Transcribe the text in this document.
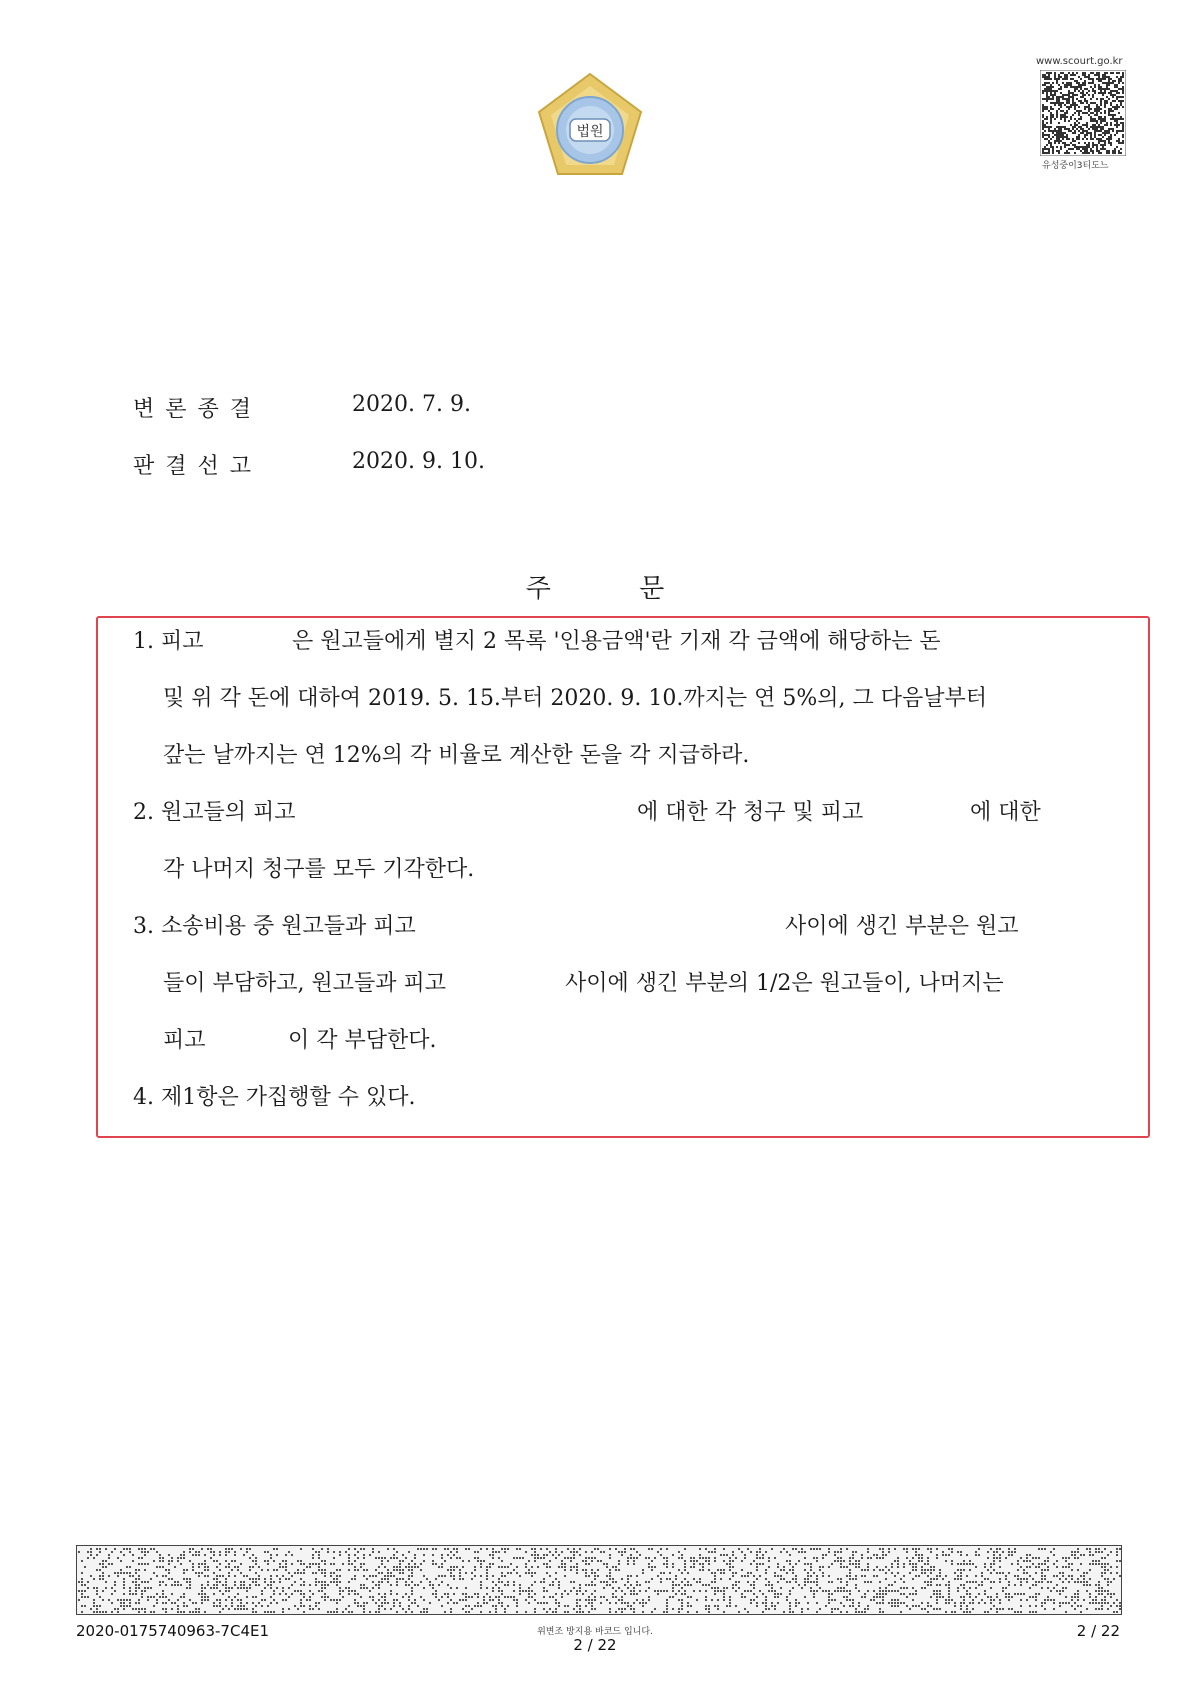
법원
www.scourt.go.kr
유성중이3티도느
변론종결	2020. 7. 9.
판결선고	2020. 9. 10.
주 문
1. 피고	은 원고들에게 별지 2 목록 '인용금액'란 기재 각 금액에 해당하는 돈
및 위 각 돈에 대하여 2019. 5. 15.부터 2020. 9. 10.까지는 연 5%의, 그 다음날부터
갚는 날까지는 연 12%의 각 비율로 계산한 돈을 각 지급하라.
2. 원고들의 피고	에 대한 각 청구 및 피고	에 대한
각 나머지 청구를 모두 기각한다.
3. 소송비용 중 원고들과 피고	사이에 생긴 부분은 원고
들이 부담하고, 원고들과 피고	사이에 생긴 부분의 1/2은 원고들이, 나머지는
피고	이 각 부담한다.
4. 제1항은 가집행할 수 있다.
2020-0175740963-7C4E1	위변조 방지용 바코드 입니다.
2 / 22
2 / 22
